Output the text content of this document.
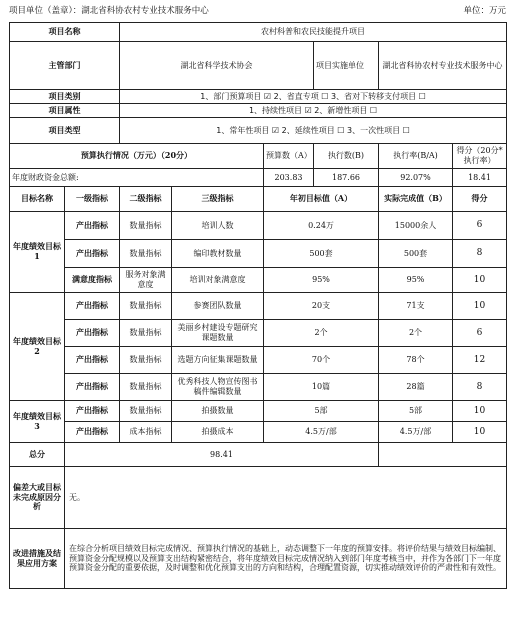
项目单位（盖章）：湖北省科协农村专业技术服务中心	单位：万元
项目名称		农村科普和农民技能提升项目					
主管部门		湖北省科学技术协会			项目实施单位	湖北省科协农村专业技术服务中心	
项目类别		1、部门预算项目 ☑ 2、省直专项 ☐ 3、省对下转移支付项目 ☐					
项目属性		1、持续性项目 ☑ 2、新增性项目 ☐					
项目类型		1、常年性项目 ☑ 2、延续性项目 ☐ 3、一次性项目 ☐					
预算执行情况（万元）（20分）				预算数（A）	执行数(B)	执行率(B/A)	得分（20分*执行率）
年度财政资金总额:				203.83	187.66	92.07%	18.41
目标名称	一级指标	二级指标	三级指标	年初目标值（A）		实际完成值（B）	得分
年度绩效目标1	产出指标	数量指标	培训人数	0.24万		15000余人	6
	产出指标	数量指标	编印教材数量	500套		500套	8
	满意度指标	服务对象满意度	培训对象满意度	95%		95%	10
年度绩效目标2	产出指标	数量指标	参赛团队数量	20支		71支	10
	产出指标	数量指标	美丽乡村建设专题研究课题数量	2个		2个	6
	产出指标	数量指标	选题方向征集课题数量	70个		78个	12
	产出指标	数量指标	优秀科技人物宣传图书稿件编辑数量	10篇		28篇	8
年度绩效目标3	产出指标	数量指标	拍摄数量	5部		5部	10
	产出指标	成本指标	拍摄成本	4.5万/部		4.5万/部	10
总分	98.41						
偏差大或目标未完成原因分析	无。						
改进措施及结果应用方案	在综合分析项目绩效目标完成情况、预算执行情况的基础上，动态调整下一年度的预算安排。将评价结果与绩效目标编制、预算资金分配规模以及预算支出结构紧密结合，将年度绩效目标完成情况纳入到部门年度考核当中，并作为各部门下一年度预算资金分配的重要依据，及时调整和优化预算支出的方向和结构，合理配置资源，切实推动绩效评价的严肃性和有效性。						
